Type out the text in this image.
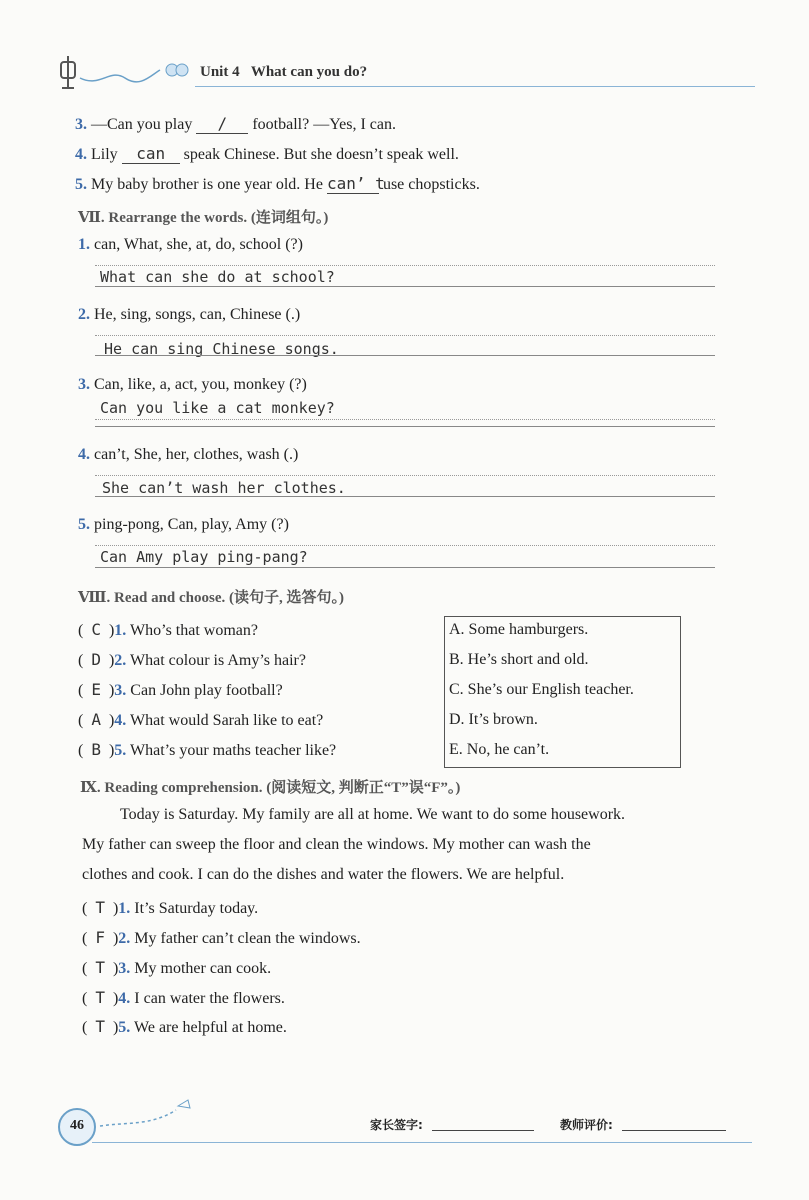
Unit 4 What can you do?
3. —Can you play / football? —Yes, I can.
4. Lily can speak Chinese. But she doesn’t speak well.
5. My baby brother is one year old. He can’ t use chopsticks.
Ⅶ. Rearrange the words. (连词组句。)
1. can, What, she, at, do, school (?)
What can she do at school?
2. He, sing, songs, can, Chinese (.)
He can sing Chinese songs.
3. Can, like, a, act, you, monkey (?)
Can you like a cat monkey?
4. can’t, She, her, clothes, wash (.)
She can’t wash her clothes.
5. ping-pong, Can, play, Amy (?)
Can Amy play ping-pang?
Ⅷ. Read and choose. (读句子, 选答句。)
(  C  )1. Who’s that woman?
(  D  )2. What colour is Amy’s hair?
(  E  )3. Can John play football?
(  A  )4. What would Sarah like to eat?
(  B  )5. What’s your maths teacher like?
A. Some hamburgers.
B. He’s short and old.
C. She’s our English teacher.
D. It’s brown.
E. No, he can’t.
Ⅸ. Reading comprehension. (阅读短文, 判断正“T”误“F”。)
Today is Saturday. My family are all at home. We want to do some housework.
My father can sweep the floor and clean the windows. My mother can wash the
clothes and cook. I can do the dishes and water the flowers. We are helpful.
(  T  )1. It’s Saturday today.
(  F  )2. My father can’t clean the windows.
(  T  )3. My mother can cook.
(  T  )4. I can water the flowers.
(  T  )5. We are helpful at home.
46	家长签字:	教师评价:
